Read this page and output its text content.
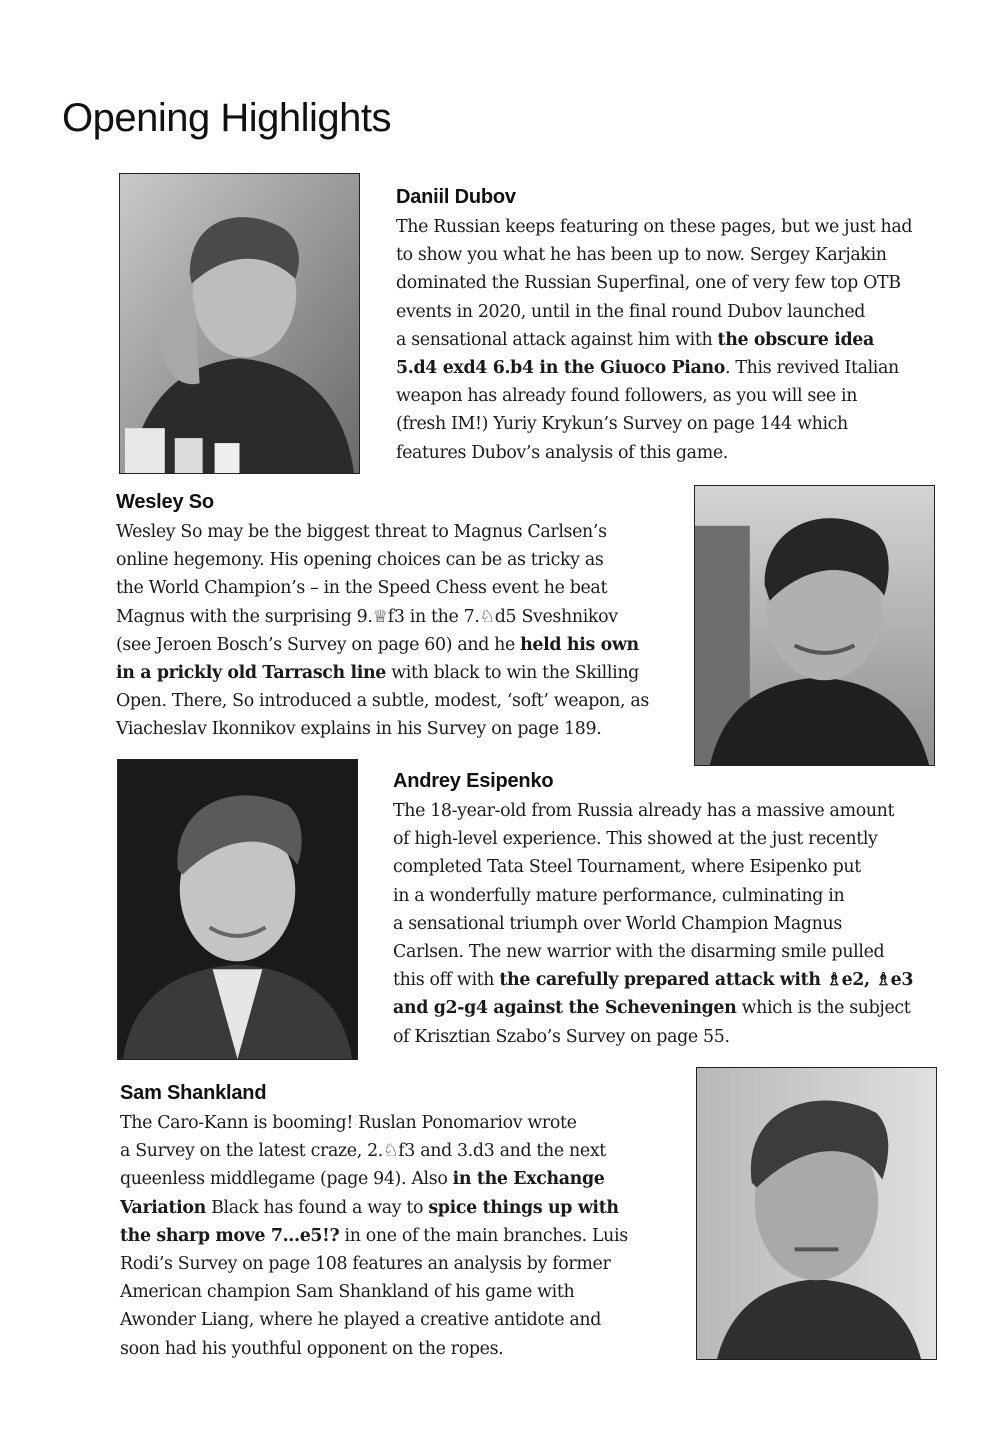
Opening Highlights
Daniil Dubov

The Russian keeps featuring on these pages, but we just had
to show you what he has been up to now. Sergey Karjakin
dominated the Russian Superfinal, one of very few top OTB
events in 2020, until in the final round Dubov launched
a sensational attack against him with the obscure idea
5.d4 exd4 6.b4 in the Giuoco Piano. This revived Italian
weapon has already found followers, as you will see in
(fresh IM!) Yuriy Krykun’s Survey on page 144 which
features Dubov’s analysis of this game.

Wesley So

Wesley So may be the biggest threat to Magnus Carlsen’s
online hegemony. His opening choices can be as tricky as
the World Champion’s – in the Speed Chess event he beat
Magnus with the surprising 9.♕f3 in the 7.♘d5 Sveshnikov
(see Jeroen Bosch’s Survey on page 60) and he held his own
in a prickly old Tarrasch line with black to win the Skilling
Open. There, So introduced a subtle, modest, ‘soft’ weapon, as
Viacheslav Ikonnikov explains in his Survey on page 189.

Andrey Esipenko

The 18-year-old from Russia already has a massive amount
of high-level experience. This showed at the just recently
completed Tata Steel Tournament, where Esipenko put
in a wonderfully mature performance, culminating in
a sensational triumph over World Champion Magnus
Carlsen. The new warrior with the disarming smile pulled
this off with the carefully prepared attack with ♗e2, ♗e3
and g2-g4 against the Scheveningen which is the subject
of Krisztian Szabo’s Survey on page 55.

Sam Shankland

The Caro-Kann is booming! Ruslan Ponomariov wrote
a Survey on the latest craze, 2.♘f3 and 3.d3 and the next
queenless middlegame (page 94). Also in the Exchange
Variation Black has found a way to spice things up with
the sharp move 7...e5!? in one of the main branches. Luis
Rodi’s Survey on page 108 features an analysis by former
American champion Sam Shankland of his game with
Awonder Liang, where he played a creative antidote and
soon had his youthful opponent on the ropes.
